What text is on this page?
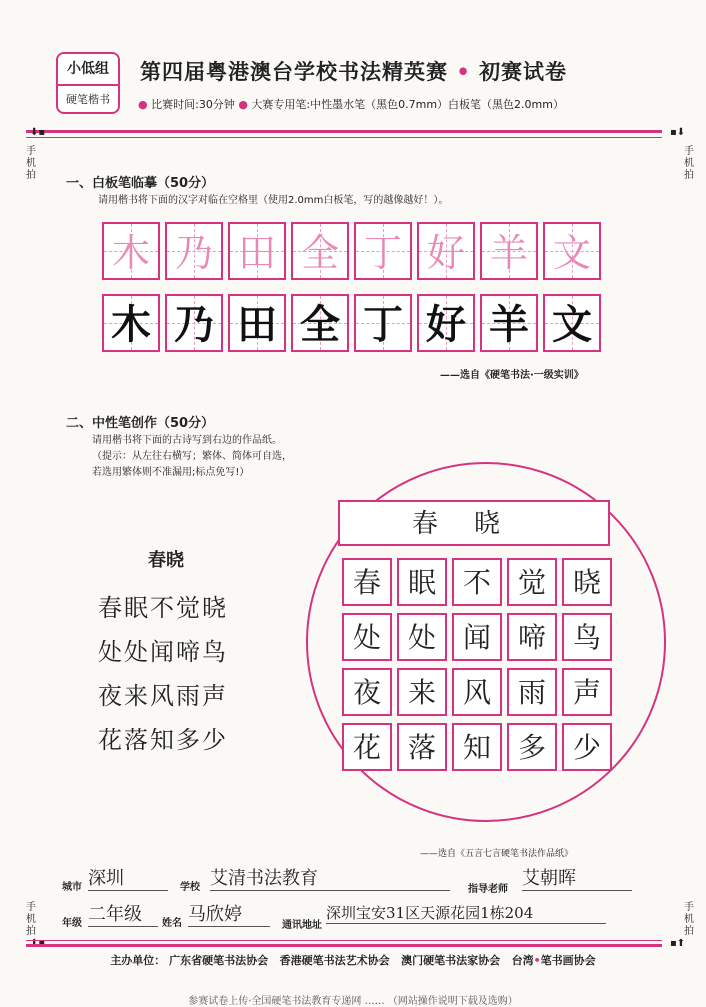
小低组
硬笔楷书
第四届粤港澳台学校书法精英赛 • 初赛试卷
● 比赛时间:30分钟 ● 大赛专用笔:中性墨水笔（黑色0.7mm）白板笔（黑色2.0mm）
⬇▪
手
机
拍
▪⬇
手
机
拍
一、白板笔临摹（50分）
请用楷书将下面的汉字对临在空格里（使用2.0mm白板笔，写的越像越好！）。
木 乃 田 全 丁 好 羊 文
木 乃 田 全 丁 好 羊 文
——选自《硬笔书法·一级实训》
二、中性笔创作（50分）
请用楷书将下面的古诗写到右边的作品纸。
（提示：从左往右横写；繁体、简体可自选，
若选用繁体则不准漏用;标点免写!）
春晓
春眠不觉晓
处处闻啼鸟
夜来风雨声
花落知多少
春晓
春 眠 不 觉 晓
处 处 闻 啼 鸟
夜 来 风 雨 声
花 落 知 多 少
——选自《五言七言硬笔书法作品纸》
城市 深圳	学校 艾清书法教育
指导老师
艾朝晖
年级 二年级	姓名 马欣婷
通讯地址
深圳宝安31区天源花园1栋204
手
机
拍
手
机
拍
▪⬆
主办单位： 广东省硬笔书法协会 香港硬笔书法艺术协会 澳门硬笔书法家协会 台湾•笔书画协会
参赛试卷上传·全国硬笔书法教育专递网 …… （网站操作说明下载及选购）
